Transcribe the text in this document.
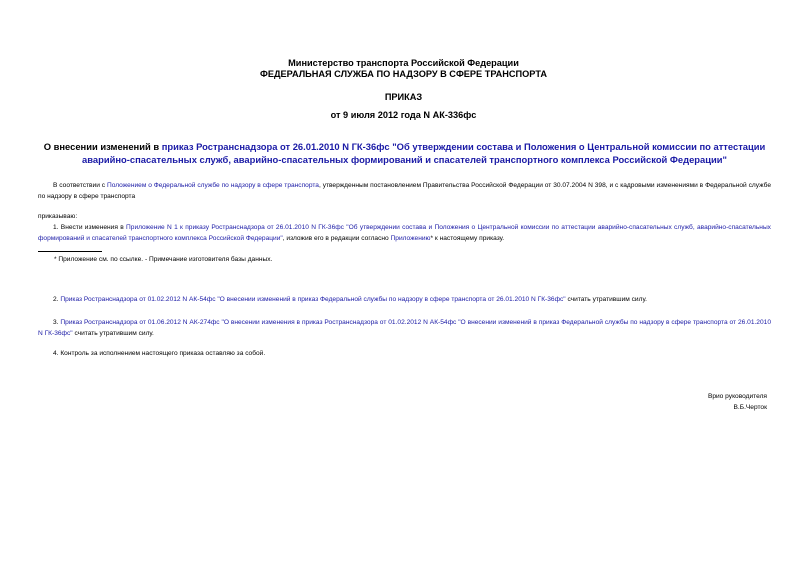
Министерство транспорта Российской Федерации
ФЕДЕРАЛЬНАЯ СЛУЖБА ПО НАДЗОРУ В СФЕРЕ ТРАНСПОРТА
ПРИКАЗ
от 9 июля 2012 года N АК-336фс
О внесении изменений в приказ Ространснадзора от 26.01.2010 N ГК-36фс "Об утверждении состава и Положения о Центральной комиссии по аттестации аварийно-спасательных служб, аварийно-спасательных формирований и спасателей транспортного комплекса Российской Федерации"
В соответствии с Положением о Федеральной службе по надзору в сфере транспорта, утвержденным постановлением Правительства Российской Федерации от 30.07.2004 N 398, и с кадровыми изменениями в Федеральной службе по надзору в сфере транспорта
приказываю:
1. Внести изменения в Приложение N 1 к приказу Ространснадзора от 26.01.2010 N ГК-36фс "Об утверждении состава и Положения о Центральной комиссии по аттестации аварийно-спасательных служб, аварийно-спасательных формирований и спасателей транспортного комплекса Российской Федерации", изложив его в редакции согласно Приложению* к настоящему приказу.
* Приложение см. по ссылке. - Примечание изготовителя базы данных.
2. Приказ Ространснадзора от 01.02.2012 N АК-54фс "О внесении изменений в приказ Федеральной службы по надзору в сфере транспорта от 26.01.2010 N ГК-36фс" считать утратившим силу.
3. Приказ Ространснадзора от 01.06.2012 N АК-274фс "О внесении изменения в приказ Ространснадзора от 01.02.2012 N АК-54фс "О внесении изменений в приказ Федеральной службы по надзору в сфере транспорта от 26.01.2010 N ГК-36фс" считать утратившим силу.
4. Контроль за исполнением настоящего приказа оставляю за собой.
Врио руководителя
В.Б.Черток
